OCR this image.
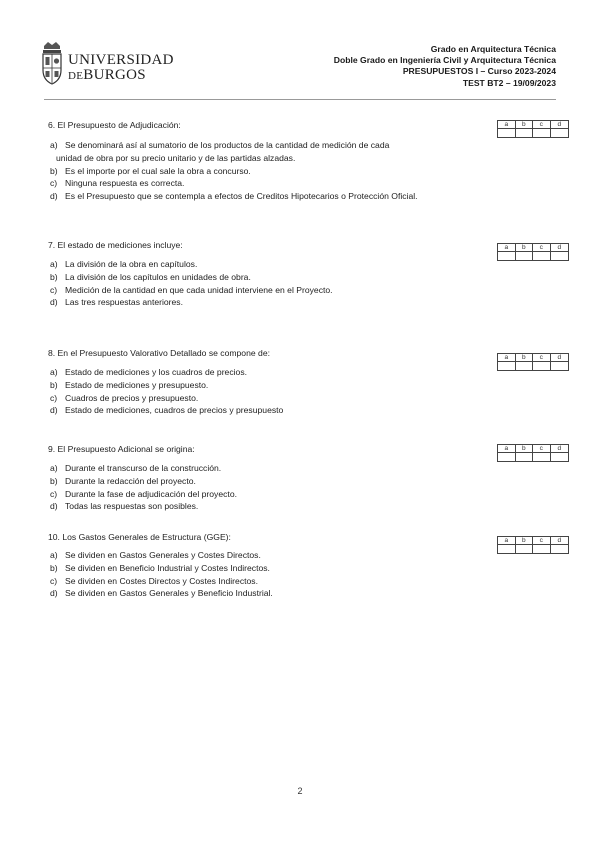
UNIVERSIDAD
DEBURGOS
Grado en Arquitectura Técnica
Doble Grado en Ingeniería Civil y Arquitectura Técnica
PRESUPUESTOS I – Curso 2023-2024
TEST BT2 – 19/09/2023
6. El Presupuesto de Adjudicación:	a	b	c	d
a) Se denominará así al sumatorio de los productos de la cantidad de medición de cada
unidad de obra por su precio unitario y de las partidas alzadas.
b) Es el importe por el cual sale la obra a concurso.
c) Ninguna respuesta es correcta.
d) Es el Presupuesto que se contempla a efectos de Creditos Hipotecarios o Protección Oficial.
7. El estado de mediciones incluye:	a	b	c	d
a) La división de la obra en capítulos.
b) La división de los capítulos en unidades de obra.
c) Medición de la cantidad en que cada unidad interviene en el Proyecto.
d) Las tres respuestas anteriores.
8. En el Presupuesto Valorativo Detallado se compone de:	a	b	c	d
a) Estado de mediciones y los cuadros de precios.
b) Estado de mediciones y presupuesto.
c) Cuadros de precios y presupuesto.
d) Estado de mediciones, cuadros de precios y presupuesto
9. El Presupuesto Adicional se origina:	a	b	c	d
a) Durante el transcurso de la construcción.
b) Durante la redacción del proyecto.
c) Durante la fase de adjudicación del proyecto.
d) Todas las respuestas son posibles.
10. Los Gastos Generales de Estructura (GGE):	a	b	c	d
a) Se dividen en Gastos Generales y Costes Directos.
b) Se dividen en Beneficio Industrial y Costes Indirectos.
c) Se dividen en Costes Directos y Costes Indirectos.
d) Se dividen en Gastos Generales y Beneficio Industrial.
2
